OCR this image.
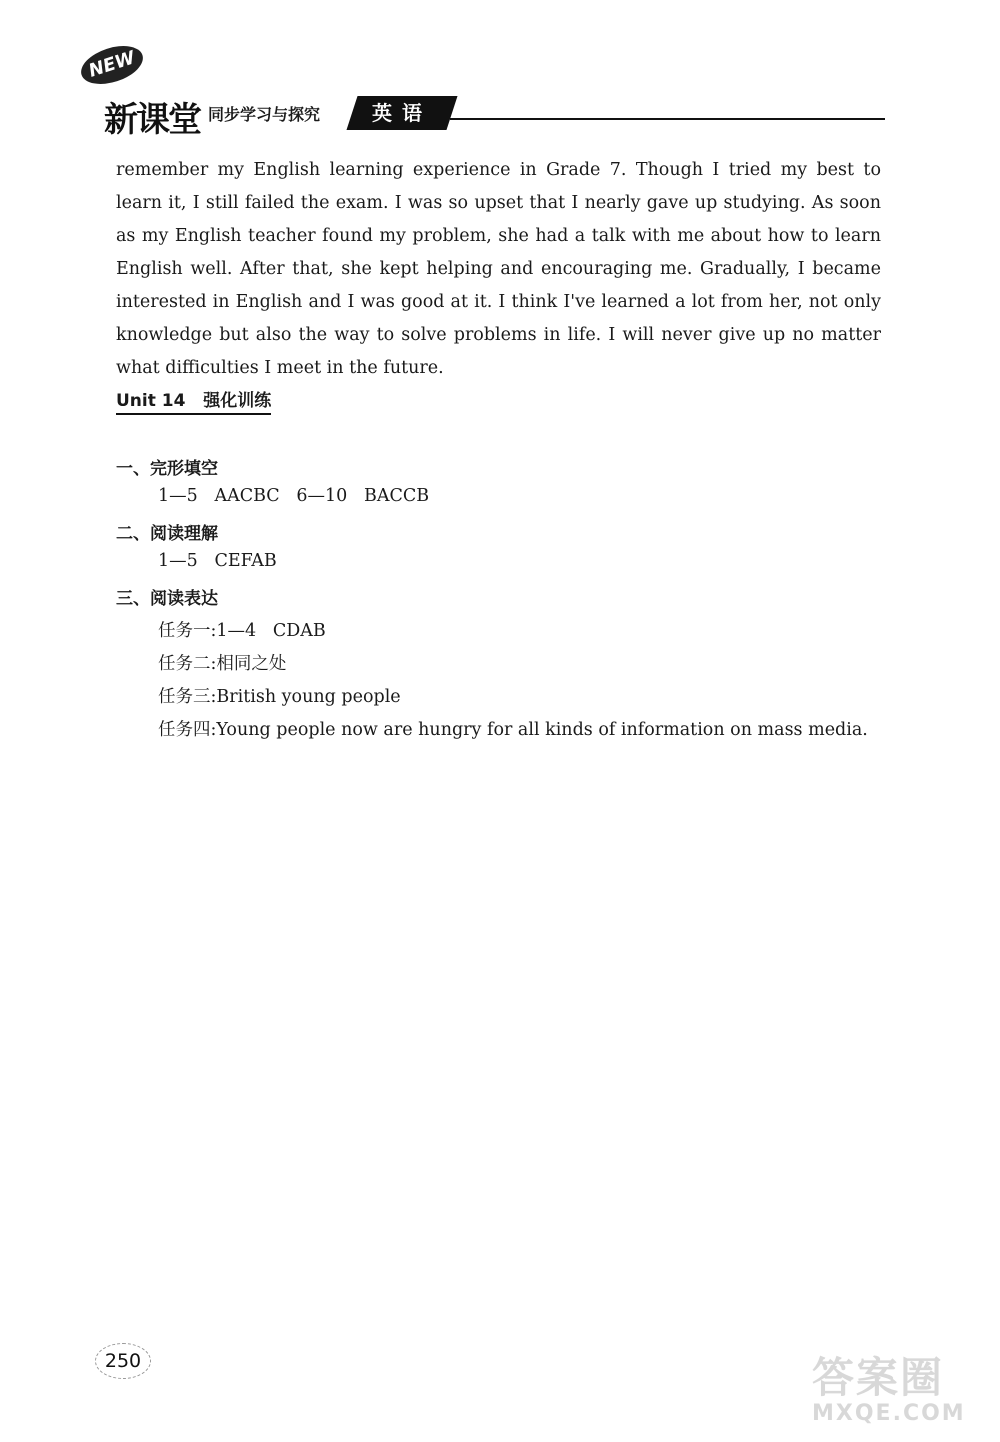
NEW
新课堂 同步学习与探究	英语

remember my English learning experience in Grade 7. Though I tried my best to learn it, I still failed the exam. I was so upset that I nearly gave up studying. As soon as my English teacher found my problem, she had a talk with me about how to learn English well. After that, she kept helping and encouraging me. Gradually, I became interested in English and I was good at it. I think I've learned a lot from her, not only knowledge but also the way to solve problems in life. I will never give up no matter what difficulties I meet in the future.

Unit 14   强化训练
一、完形填空
1—5   AACBC   6—10   BACCB
二、阅读理解
1—5   CEFAB
三、阅读表达
任务一:1—4   CDAB
任务二:相同之处
任务三:British young people
任务四:Young people now are hungry for all kinds of information on mass media.
250	答案圈
MXQE.COM
